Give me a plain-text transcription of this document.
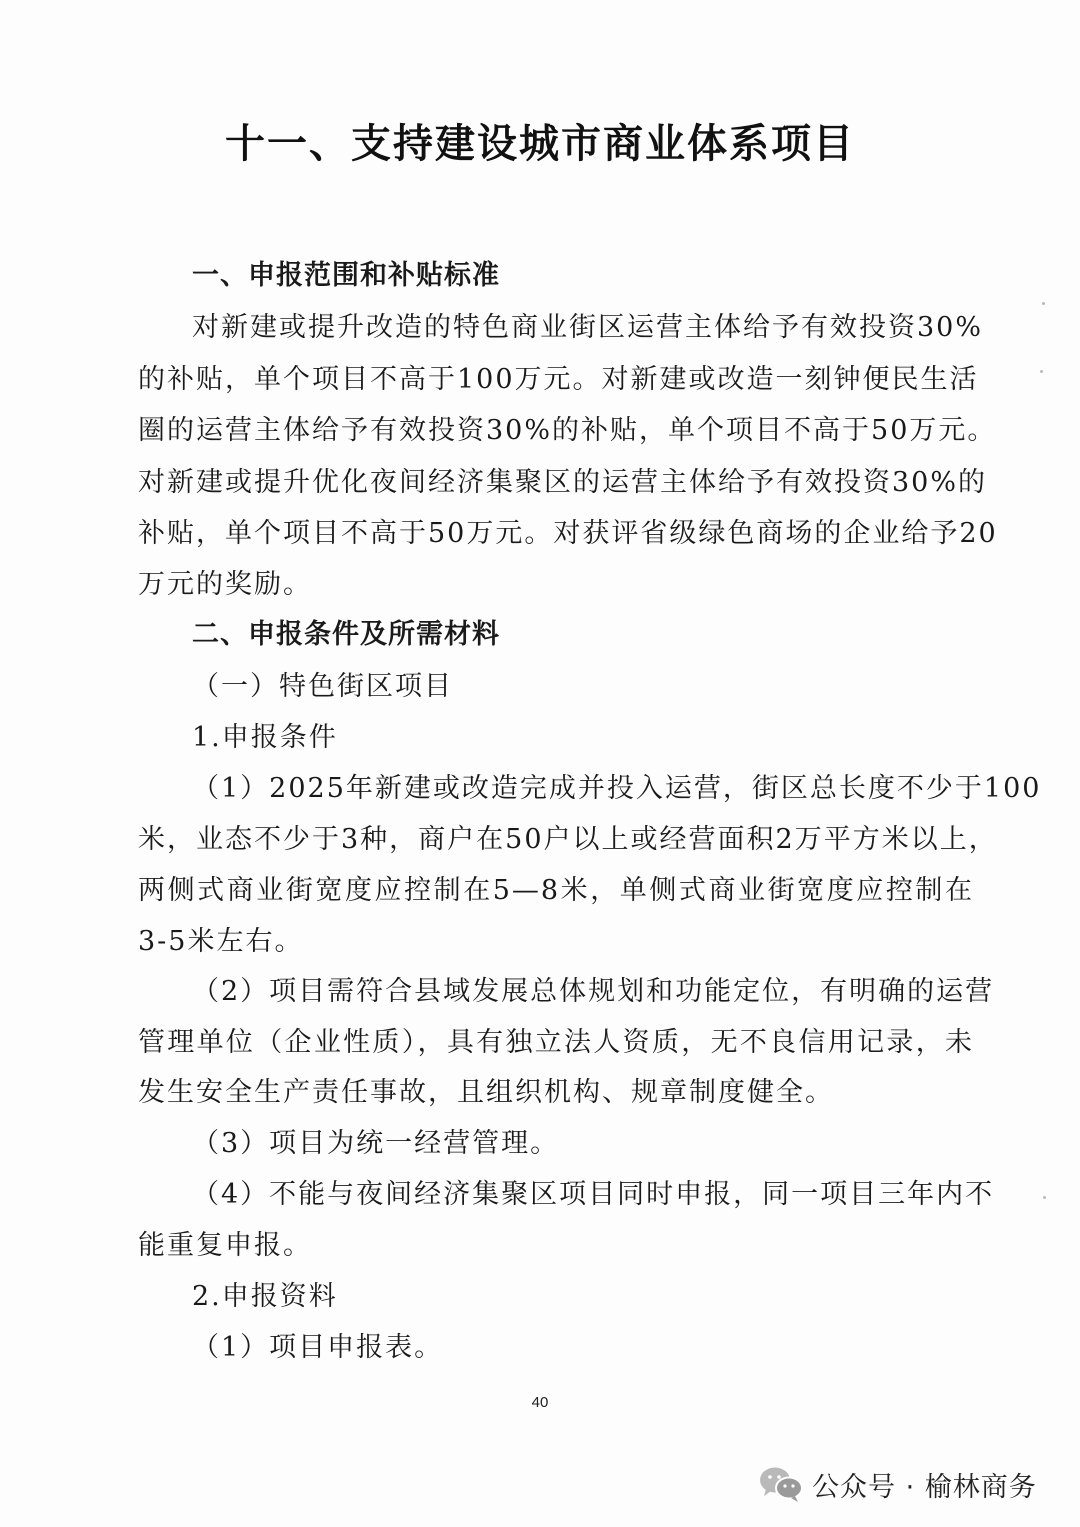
十一、支持建设城市商业体系项目
一、申报范围和补贴标准
对新建或提升改造的特色商业街区运营主体给予有效投资30%
的补贴，单个项目不高于100万元。对新建或改造一刻钟便民生活
圈的运营主体给予有效投资30%的补贴，单个项目不高于50万元。
对新建或提升优化夜间经济集聚区的运营主体给予有效投资30%的
补贴，单个项目不高于50万元。对获评省级绿色商场的企业给予20
万元的奖励。
二、申报条件及所需材料
（一）特色街区项目
1.申报条件
（1）2025年新建或改造完成并投入运营，街区总长度不少于100
米，业态不少于3种，商户在50户以上或经营面积2万平方米以上，
两侧式商业街宽度应控制在5—8米，单侧式商业街宽度应控制在
3-5米左右。
（2）项目需符合县域发展总体规划和功能定位，有明确的运营
管理单位（企业性质），具有独立法人资质，无不良信用记录，未
发生安全生产责任事故，且组织机构、规章制度健全。
（3）项目为统一经营管理。
（4）不能与夜间经济集聚区项目同时申报，同一项目三年内不
能重复申报。
2.申报资料
（1）项目申报表。
40
公众号 · 榆林商务
